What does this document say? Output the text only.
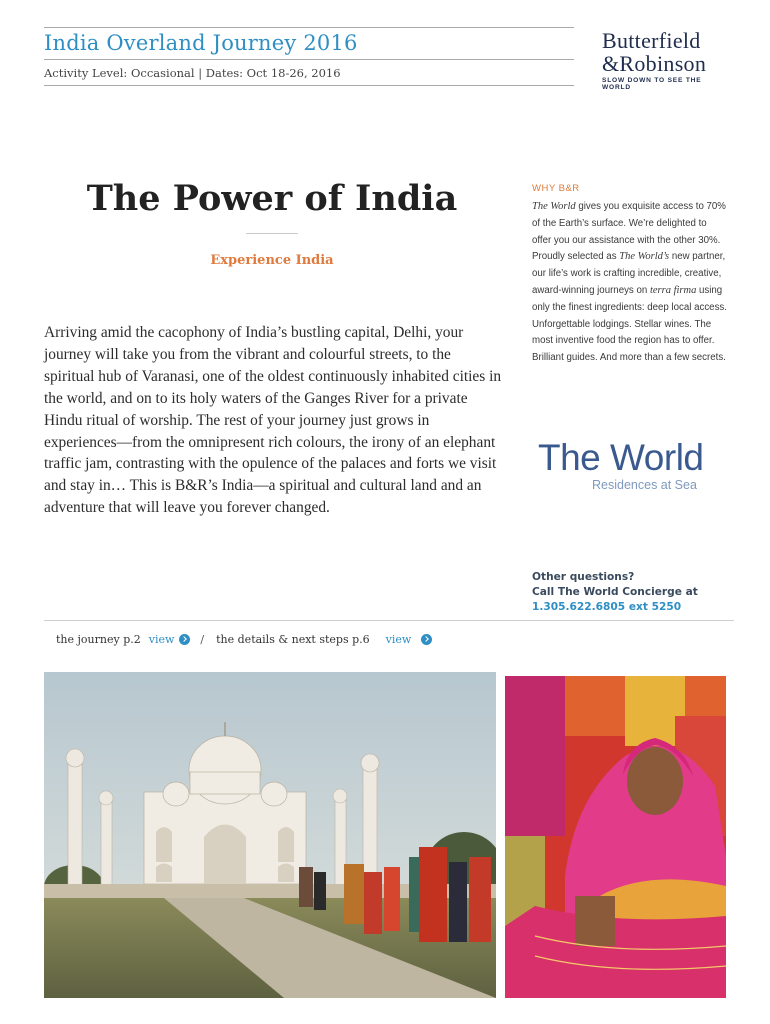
India Overland Journey 2016
Activity Level: Occasional | Dates: Oct 18-26, 2016
Butterfield
&Robinson
SLOW DOWN TO SEE THE WORLD
The Power of India
Experience India
Arriving amid the cacophony of India’s bustling capital, Delhi, your journey will take you from the vibrant and colourful streets, to the spiritual hub of Varanasi, one of the oldest continuously inhabited cities in the world, and on to its holy waters of the Ganges River for a private Hindu ritual of worship. The rest of your journey just grows in experiences—from the omnipresent rich colours, the irony of an elephant traffic jam, contrasting with the opulence of the palaces and forts we visit and stay in… This is B&R’s India—a spiritual and cultural land and an adventure that will leave you forever changed.
WHY B&R
The World gives you exquisite access to 70% of the Earth’s surface. We’re delighted to offer you our assistance with the other 30%. Proudly selected as The World’s new partner, our life’s work is crafting incredible, creative, award-winning journeys on terra firma using only the finest ingredients: deep local access. Unforgettable lodgings. Stellar wines. The most inventive food the region has to offer. Brilliant guides. And more than a few secrets.
The World
Residences at Sea
Other questions?
Call The World Concierge at
1.305.622.6805 ext 5250
the journey p.2 view / the details & next steps p.6 view
